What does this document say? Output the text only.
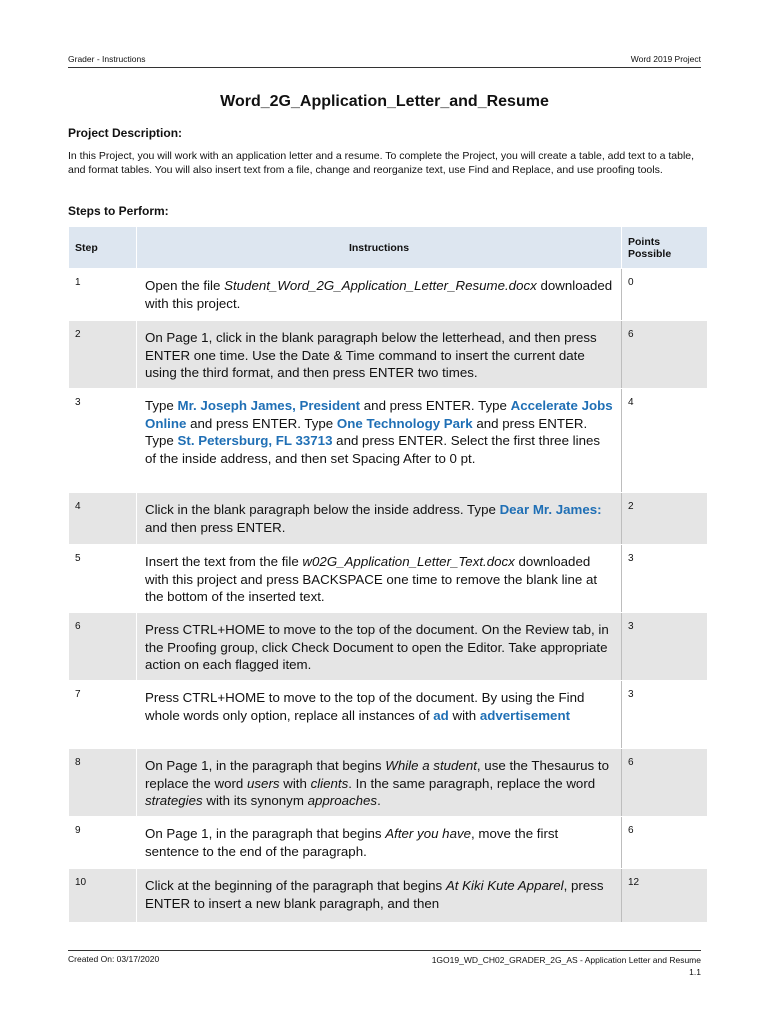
Grader - Instructions	Word 2019 Project
Word_2G_Application_Letter_and_Resume
Project Description:
In this Project, you will work with an application letter and a resume. To complete the Project, you will create a table, add text to a table, and format tables. You will also insert text from a file, change and reorganize text, use Find and Replace, and use proofing tools.
Steps to Perform:
Step	Instructions	Points Possible
1	Open the file Student_Word_2G_Application_Letter_Resume.docx downloaded with this project.	0
2	On Page 1, click in the blank paragraph below the letterhead, and then press ENTER one time. Use the Date & Time command to insert the current date using the third format, and then press ENTER two times.	6
3	Type Mr. Joseph James, President and press ENTER. Type Accelerate Jobs Online and press ENTER. Type One Technology Park and press ENTER. Type St. Petersburg, FL 33713 and press ENTER. Select the first three lines of the inside address, and then set Spacing After to 0 pt.	4
4	Click in the blank paragraph below the inside address. Type Dear Mr. James: and then press ENTER.	2
5	Insert the text from the file w02G_Application_Letter_Text.docx downloaded with this project and press BACKSPACE one time to remove the blank line at the bottom of the inserted text.	3
6	Press CTRL+HOME to move to the top of the document. On the Review tab, in the Proofing group, click Check Document to open the Editor. Take appropriate action on each flagged item.	3
7	Press CTRL+HOME to move to the top of the document. By using the Find whole words only option, replace all instances of ad with advertisement	3
8	On Page 1, in the paragraph that begins While a student, use the Thesaurus to replace the word users with clients. In the same paragraph, replace the word strategies with its synonym approaches.	6
9	On Page 1, in the paragraph that begins After you have, move the first sentence to the end of the paragraph.	6
10	Click at the beginning of the paragraph that begins At Kiki Kute Apparel, press ENTER to insert a new blank paragraph, and then	12
Created On: 03/17/2020	1GO19_WD_CH02_GRADER_2G_AS - Application Letter and Resume
1.1
